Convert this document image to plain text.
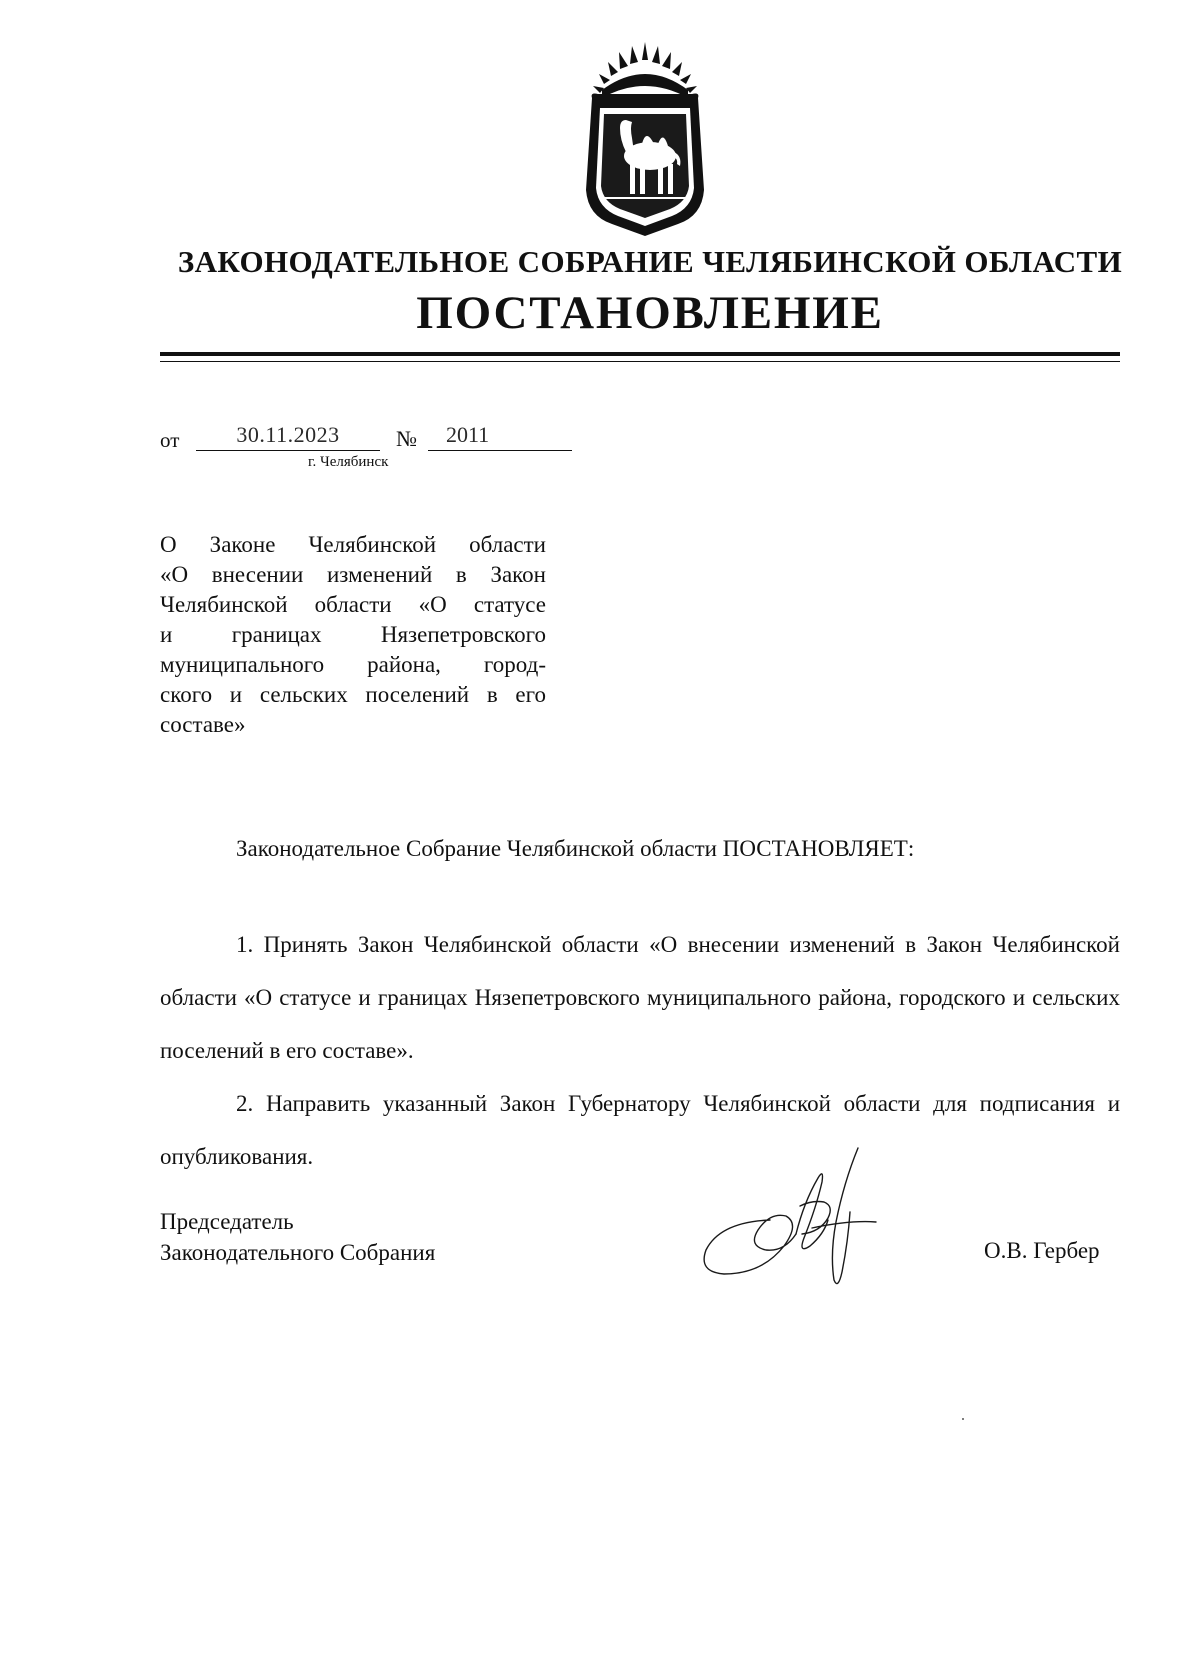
ЗАКОНОДАТЕЛЬНОЕ СОБРАНИЕ ЧЕЛЯБИНСКОЙ ОБЛАСТИ
ПОСТАНОВЛЕНИЕ
от	30.11.2023	№ 2011
г. Челябинск
О Законе Челябинской области
«О внесении изменений в Закон
Челябинской области «О статусе
и границах Нязепетровского
муниципального района, город-
ского и сельских поселений в его
составе»
Законодательное Собрание Челябинской области ПОСТАНОВЛЯЕТ:

1. Принять Закон Челябинской области «О внесении изменений в Закон Челябинской области «О статусе и границах Нязепетровского муниципального района, городского и сельских поселений в его составе».

2. Направить указанный Закон Губернатору Челябинской области для подписания и опубликования.

Председатель
Законодательного Собрания	О.В. Гербер
